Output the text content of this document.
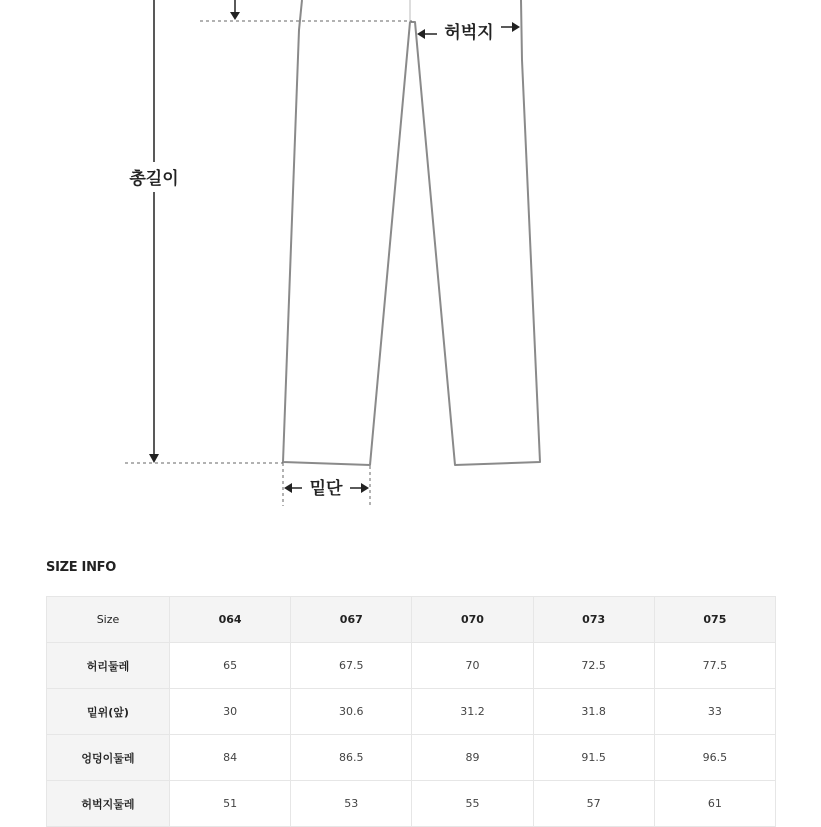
총길이
허벅지
밑단
SIZE INFO
Size	064	067	070	073	075
허리둘레	65	67.5	70	72.5	77.5
밑위(앞)	30	30.6	31.2	31.8	33
엉덩이둘레	84	86.5	89	91.5	96.5
허벅지둘레	51	53	55	57	61
